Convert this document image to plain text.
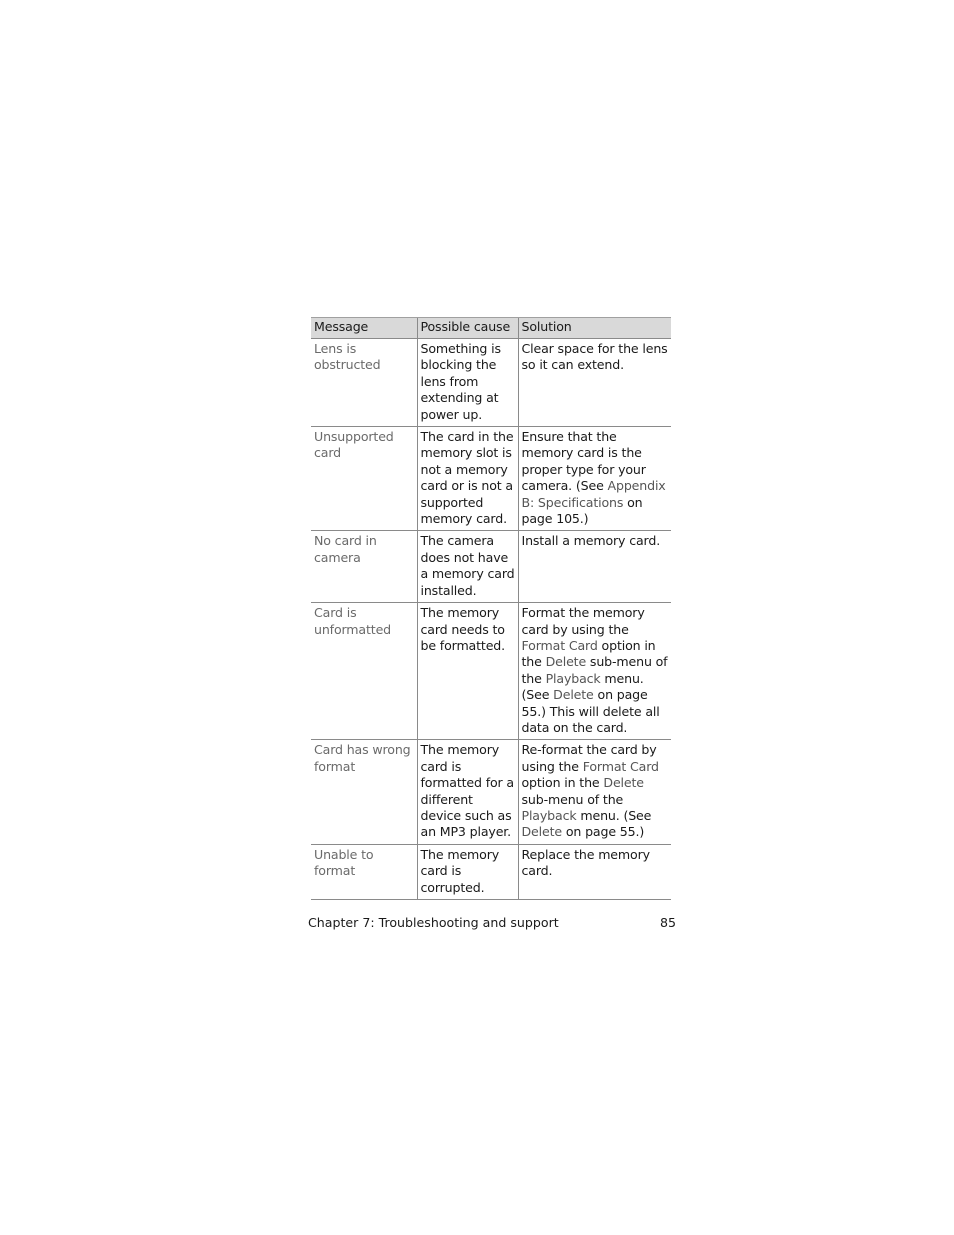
Message	Possible cause	Solution
Lens is obstructed	Something is blocking the lens from extending at power up.	Clear space for the lens so it can extend.
Unsupported card	The card in the memory slot is not a memory card or is not a supported memory card.	Ensure that the memory card is the proper type for your camera. (See Appendix B: Specifications on page 105.)
No card in camera	The camera does not have a memory card installed.	Install a memory card.
Card is unformatted	The memory card needs to be formatted.	Format the memory card by using the Format Card option in the Delete sub-menu of the Playback menu. (See Delete on page 55.) This will delete all data on the card.
Card has wrong format	The memory card is formatted for a different device such as an MP3 player.	Re-format the card by using the Format Card option in the Delete sub-menu of the Playback menu. (See Delete on page 55.)
Unable to format	The memory card is corrupted.	Replace the memory card.
Chapter 7: Troubleshooting and support	85
